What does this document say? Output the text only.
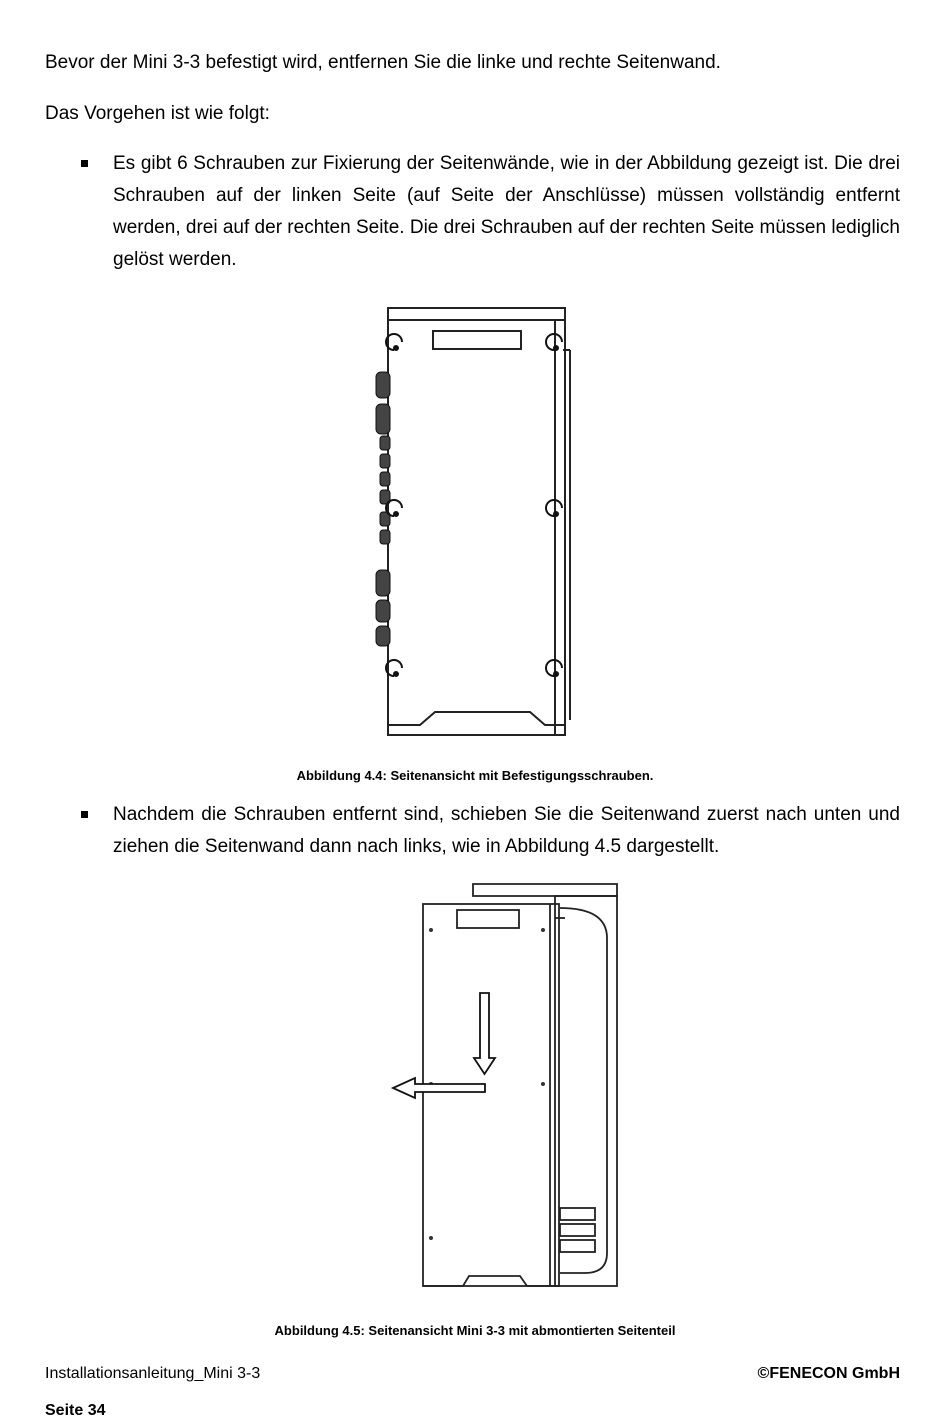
Bevor der Mini 3-3 befestigt wird, entfernen Sie die linke und rechte Seitenwand.

Das Vorgehen ist wie folgt:

Es gibt 6 Schrauben zur Fixierung der Seitenwände, wie in der Abbildung gezeigt ist. Die drei Schrauben auf der linken Seite (auf Seite der Anschlüsse) müssen vollständig entfernt werden, drei auf der rechten Seite. Die drei Schrauben auf der rechten Seite müssen lediglich gelöst werden.
Abbildung 4.4: Seitenansicht mit Befestigungsschrauben.
Nachdem die Schrauben entfernt sind, schieben Sie die Seitenwand zuerst nach unten und ziehen die Seitenwand dann nach links, wie in Abbildung 4.5 dargestellt.
Abbildung 4.5: Seitenansicht Mini 3-3 mit abmontierten Seitenteil
Installationsanleitung_Mini 3-3	©FENECON GmbH
Seite 34
